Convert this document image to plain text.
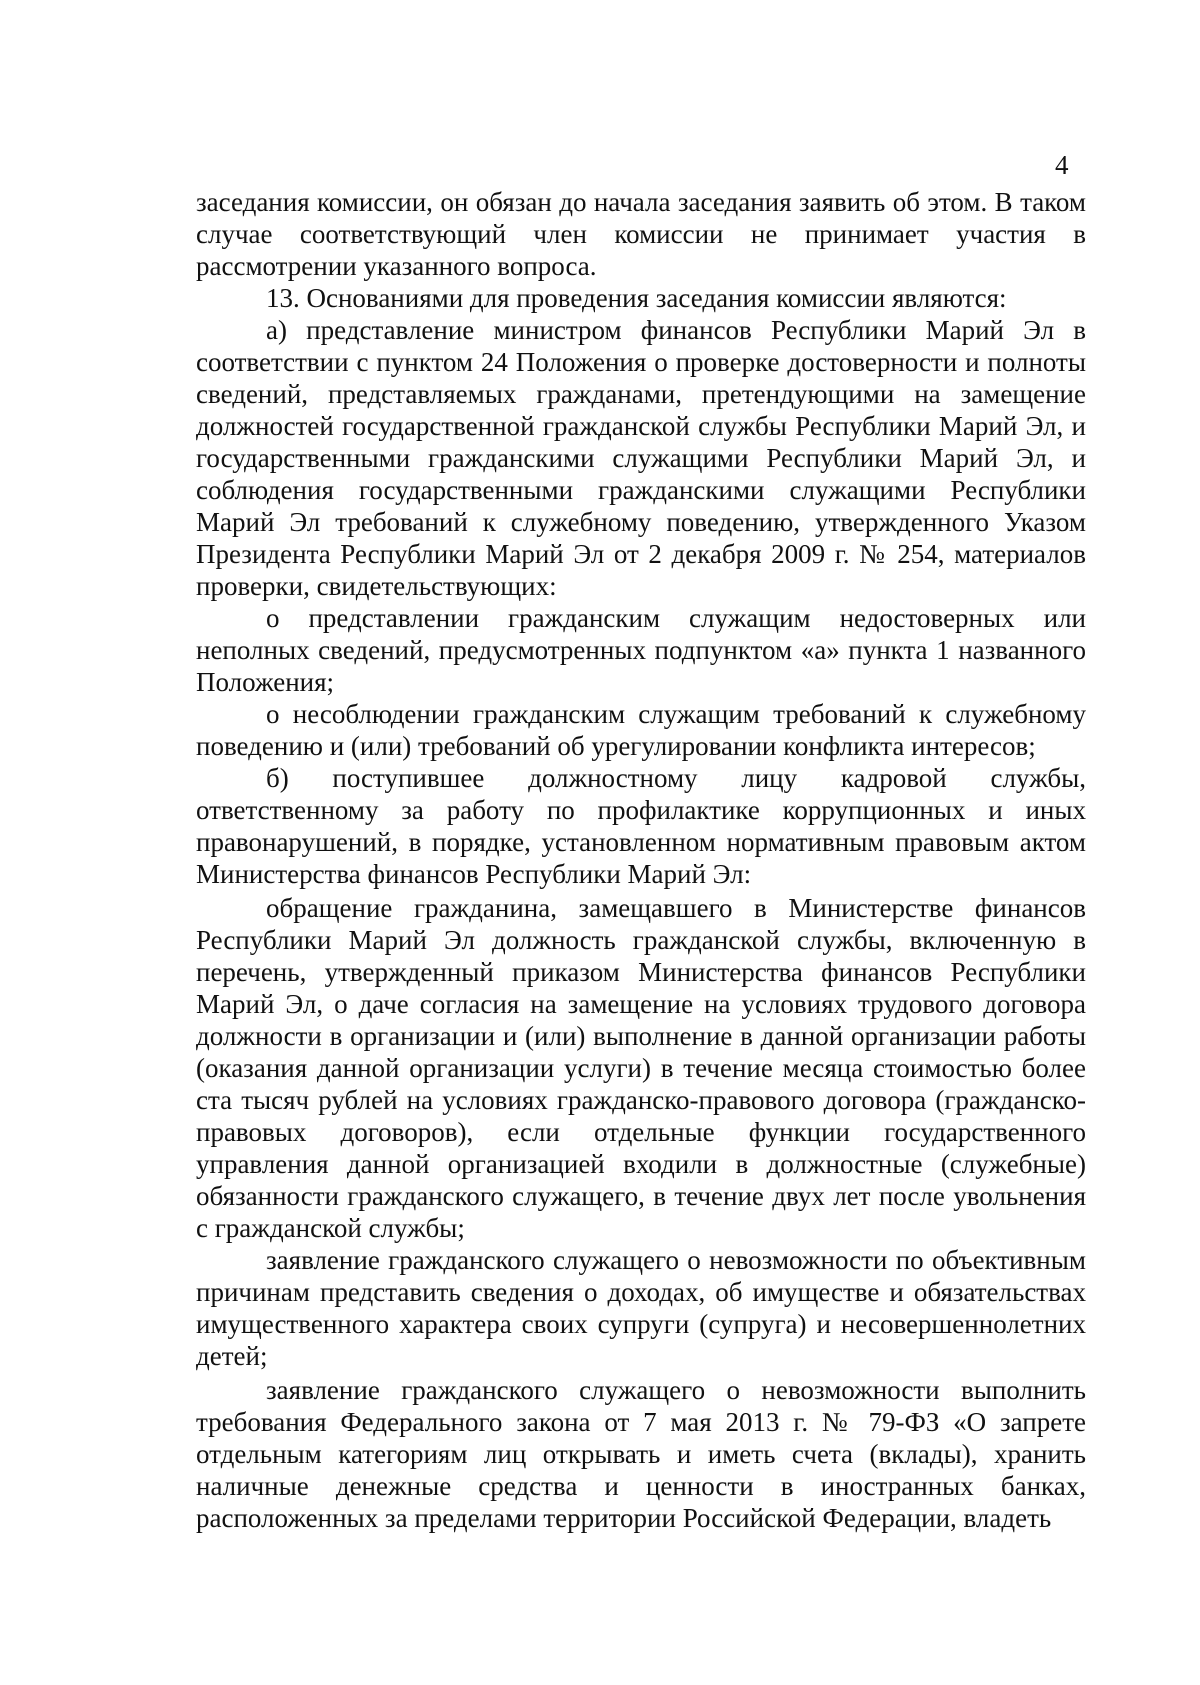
4

заседания комиссии, он обязан до начала заседания заявить об этом. В таком случае соответствующий член комиссии не принимает участия в рассмотрении указанного вопроса.

13. Основаниями для проведения заседания комиссии являются:

а) представление министром финансов Республики Марий Эл в соответствии с пунктом 24 Положения о проверке достоверности и полноты сведений, представляемых гражданами, претендующими на замещение должностей государственной гражданской службы Республики Марий Эл, и государственными гражданскими служащими Республики Марий Эл, и соблюдения государственными гражданскими служащими Республики Марий Эл требований к служебному поведению, утвержденного Указом Президента Республики Марий Эл от 2 декабря 2009 г. № 254, материалов проверки, свидетельствующих:

о представлении гражданским служащим недостоверных или неполных сведений, предусмотренных подпунктом «а» пункта 1 названного Положения;

о несоблюдении гражданским служащим требований к служебному поведению и (или) требований об урегулировании конфликта интересов;

б) поступившее должностному лицу кадровой службы, ответственному за работу по профилактике коррупционных и иных правонарушений, в порядке, установленном нормативным правовым актом Министерства финансов Республики Марий Эл:

обращение гражданина, замещавшего в Министерстве финансов Республики Марий Эл должность гражданской службы, включенную в перечень, утвержденный приказом Министерства финансов Республики Марий Эл, о даче согласия на замещение на условиях трудового договора должности в организации и (или) выполнение в данной организации работы (оказания данной организации услуги) в течение месяца стоимостью более ста тысяч рублей на условиях гражданско-правового договора (гражданско-правовых договоров), если отдельные функции государственного управления данной организацией входили в должностные (служебные) обязанности гражданского служащего, в течение двух лет после увольнения с гражданской службы;

заявление гражданского служащего о невозможности по объективным причинам представить сведения о доходах, об имуществе и обязательствах имущественного характера своих супруги (супруга) и несовершеннолетних детей;

заявление гражданского служащего о невозможности выполнить требования Федерального закона от 7 мая 2013 г. № 79-ФЗ «О запрете отдельным категориям лиц открывать и иметь счета (вклады), хранить наличные денежные средства и ценности в иностранных банках, расположенных за пределами территории Российской Федерации, владеть
